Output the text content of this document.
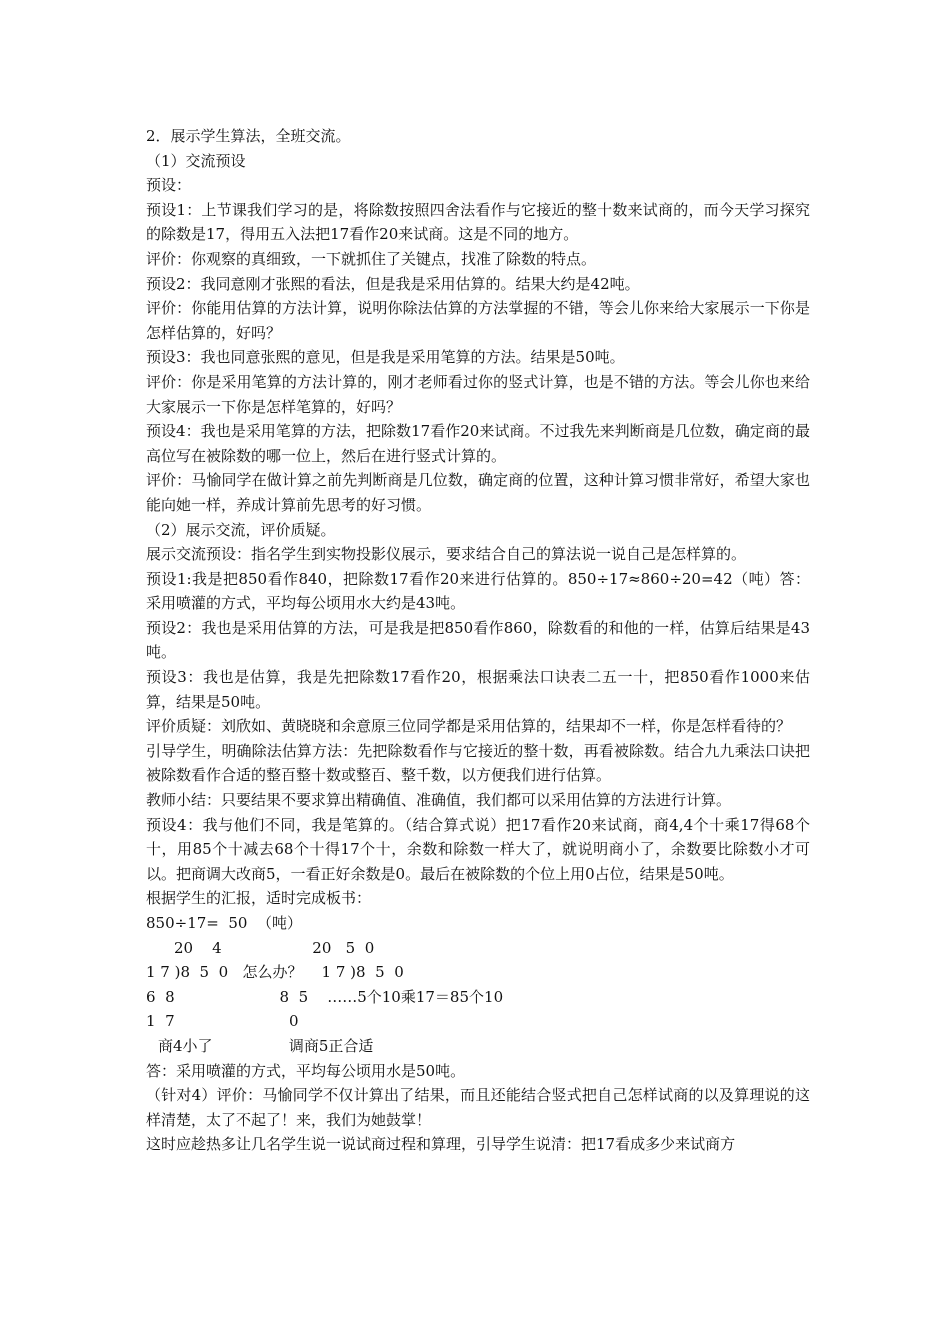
2．展示学生算法，全班交流。

（1）交流预设

预设：

预设1：上节课我们学习的是，将除数按照四舍法看作与它接近的整十数来试商的，而今天学习探究的除数是17，得用五入法把17看作20来试商。这是不同的地方。

评价：你观察的真细致，一下就抓住了关键点，找准了除数的特点。

预设2：我同意刚才张熙的看法，但是我是采用估算的。结果大约是42吨。

评价：你能用估算的方法计算，说明你除法估算的方法掌握的不错，等会儿你来给大家展示一下你是怎样估算的，好吗？

预设3：我也同意张熙的意见，但是我是采用笔算的方法。结果是50吨。

评价：你是采用笔算的方法计算的，刚才老师看过你的竖式计算，也是不错的方法。等会儿你也来给大家展示一下你是怎样笔算的，好吗？

预设4：我也是采用笔算的方法，把除数17看作20来试商。不过我先来判断商是几位数，确定商的最高位写在被除数的哪一位上，然后在进行竖式计算的。

评价：马愉同学在做计算之前先判断商是几位数，确定商的位置，这种计算习惯非常好，希望大家也能向她一样，养成计算前先思考的好习惯。

（2）展示交流，评价质疑。

展示交流预设：指名学生到实物投影仪展示，要求结合自己的算法说一说自己是怎样算的。

预设1:我是把850看作840，把除数17看作20来进行估算的。850÷17≈860÷20=42（吨）答：采用喷灌的方式，平均每公顷用水大约是43吨。

预设2：我也是采用估算的方法，可是我是把850看作860，除数看的和他的一样，估算后结果是43吨。

预设3：我也是估算，我是先把除数17看作20，根据乘法口诀表二五一十，把850看作1000来估算，结果是50吨。

评价质疑：刘欣如、黄晓晓和余意原三位同学都是采用估算的，结果却不一样，你是怎样看待的？

引导学生，明确除法估算方法：先把除数看作与它接近的整十数，再看被除数。结合九九乘法口诀把被除数看作合适的整百整十数或整百、整千数，以方便我们进行估算。

教师小结：只要结果不要求算出精确值、准确值，我们都可以采用估算的方法进行计算。

预设4：我与他们不同，我是笔算的。（结合算式说）把17看作20来试商，商4,4个十乘17得68个十，用85个十减去68个十得17个十，余数和除数一样大了，就说明商小了，余数要比除数小才可以。把商调大改商5，一看正好余数是0。最后在被除数的个位上用0占位，结果是50吨。

根据学生的汇报，适时完成板书：

850÷17=  50  （吨）

20    4                   20   5  0

1 7 )8  5  0   怎么办？    1 7 )8  5  0

6  8                      8  5    ……5个10乘17＝85个10

1  7                        0

商4小了                调商5正合适

答：采用喷灌的方式，平均每公顷用水是50吨。

（针对4）评价：马愉同学不仅计算出了结果，而且还能结合竖式把自己怎样试商的以及算理说的这样清楚，太了不起了！来，我们为她鼓掌！

这时应趁热多让几名学生说一说试商过程和算理，引导学生说清：把17看成多少来试商方
